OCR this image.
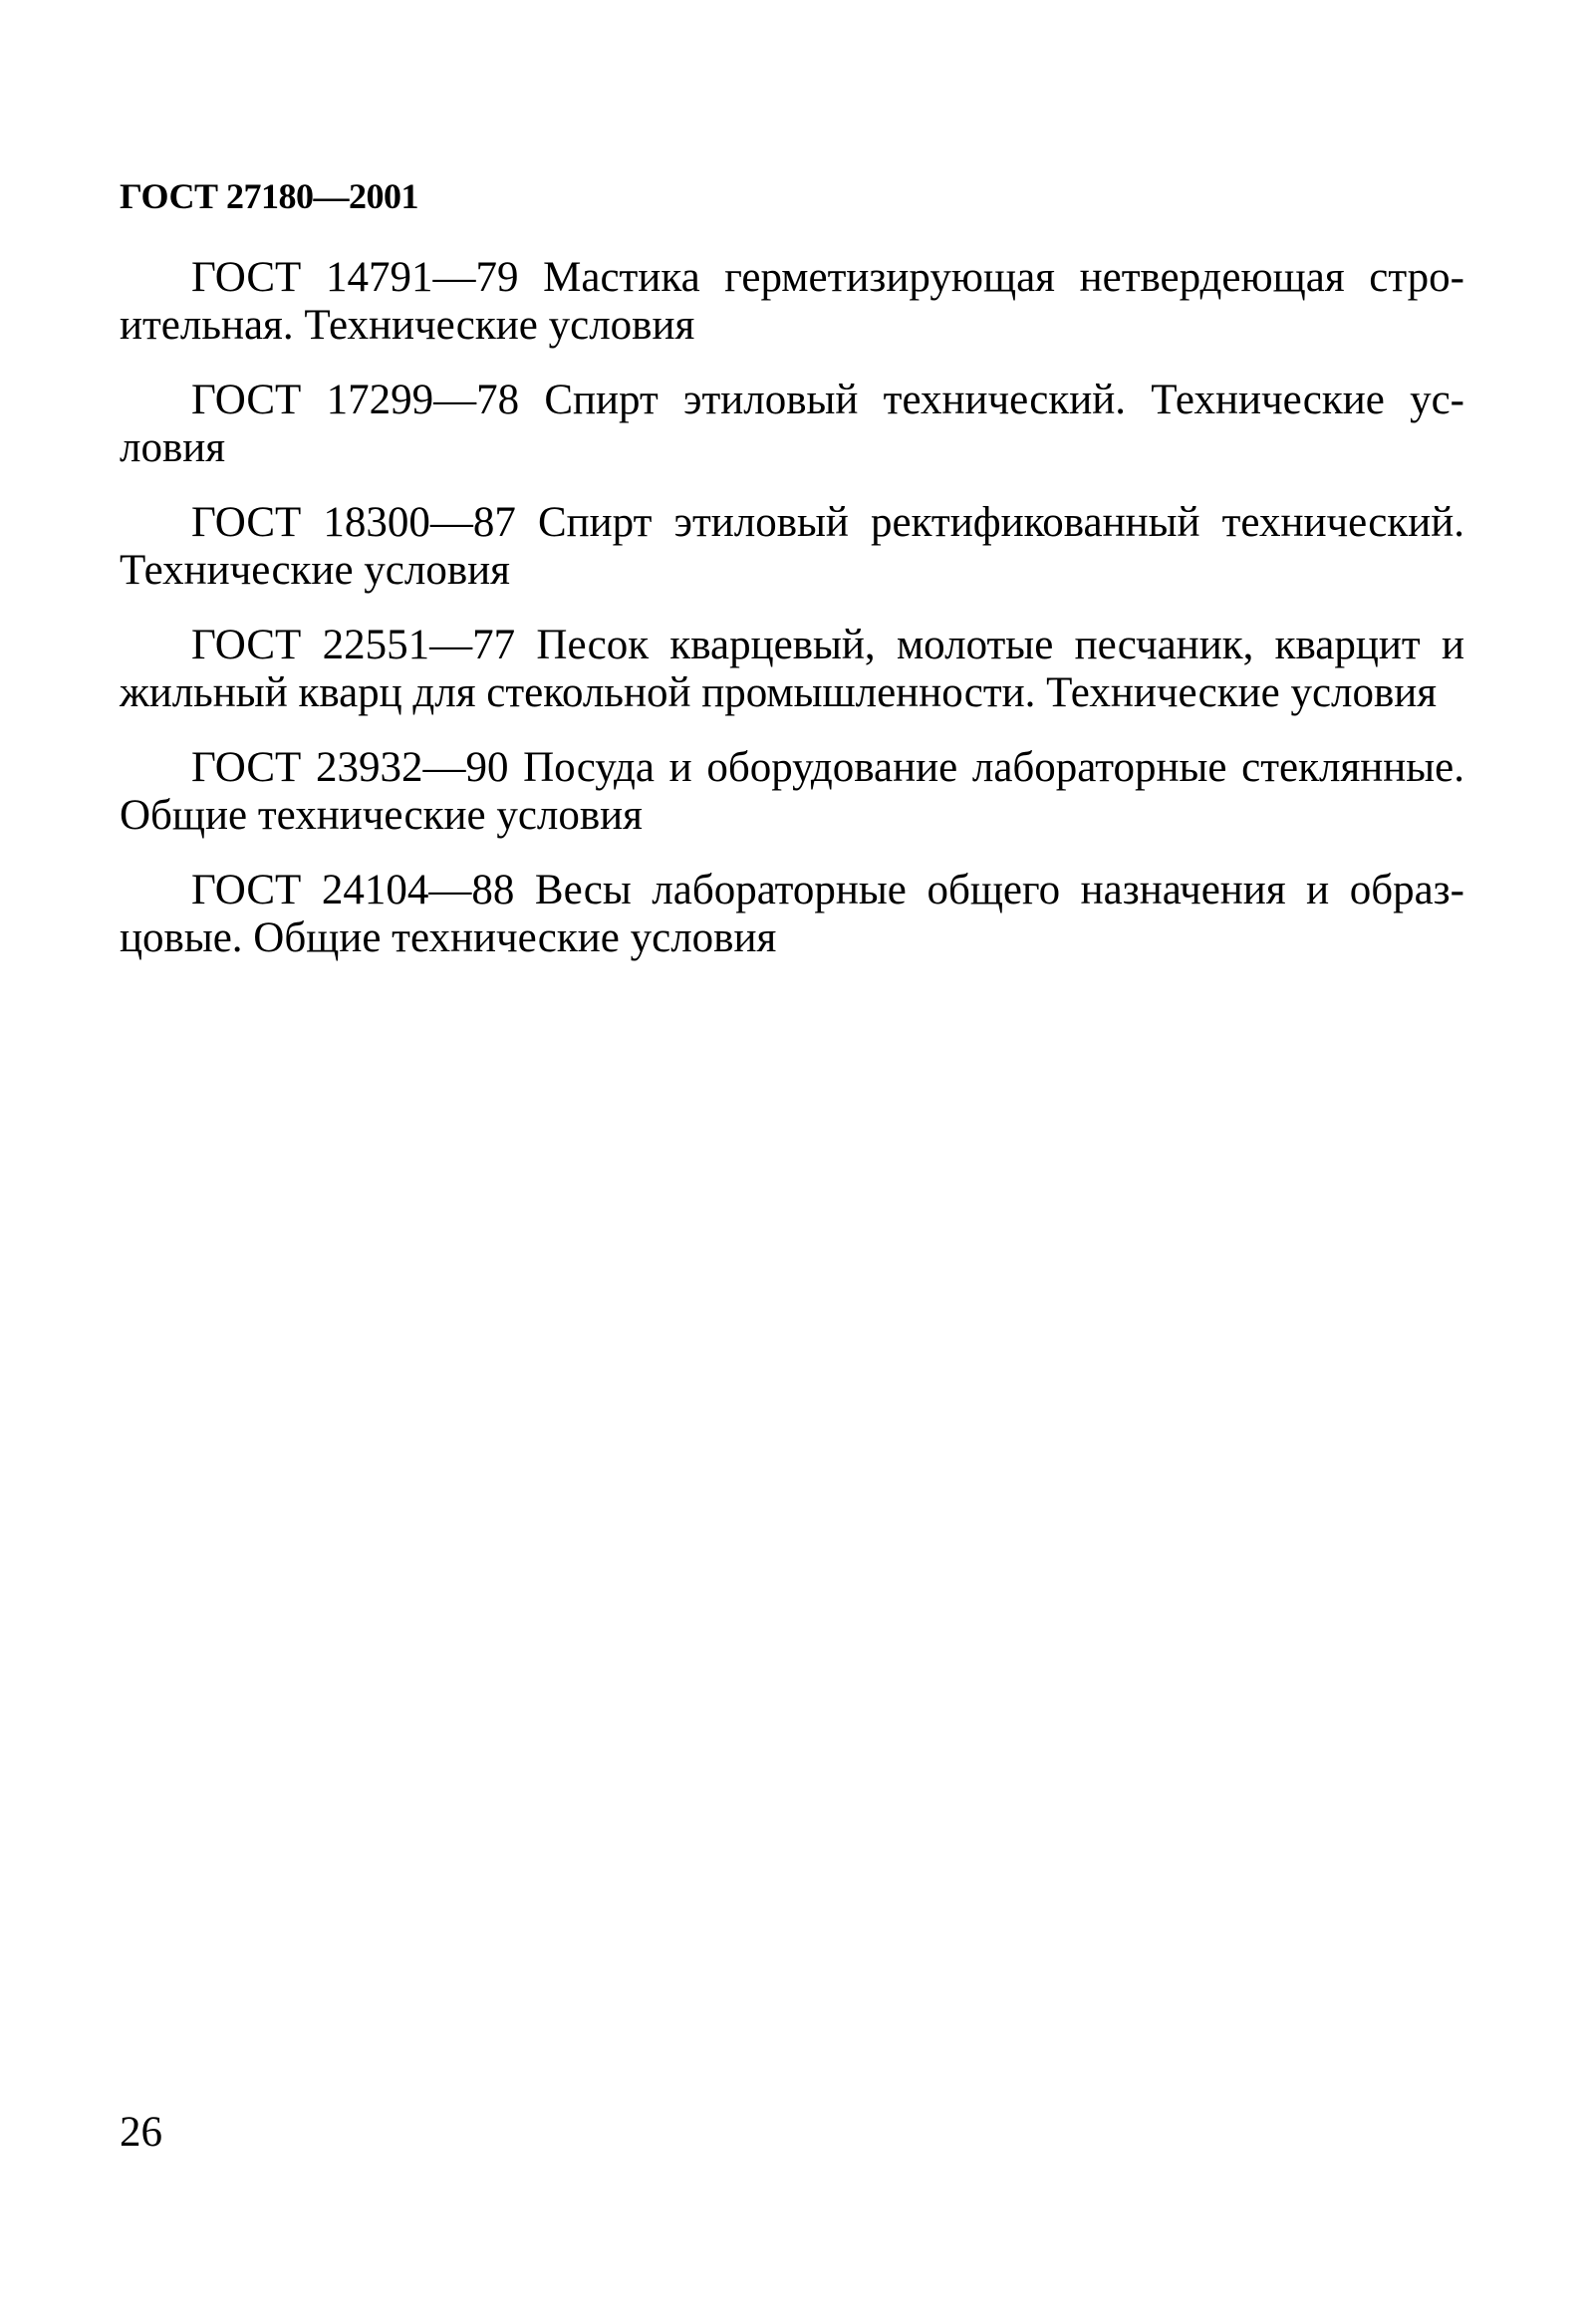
ГОСТ 27180—2001

ГОСТ 14791—79 Мастика герметизирующая нетвердеющая строительная. Технические условия

ГОСТ 17299—78 Спирт этиловый технический. Технические условия

ГОСТ 18300—87 Спирт этиловый ректификованный технический. Технические условия

ГОСТ 22551—77 Песок кварцевый, молотые песчаник, кварцит и жильный кварц для стекольной промышленности. Технические условия

ГОСТ 23932—90 Посуда и оборудование лабораторные стеклянные. Общие технические условия

ГОСТ 24104—88 Весы лабораторные общего назначения и образцовые. Общие технические условия

26
